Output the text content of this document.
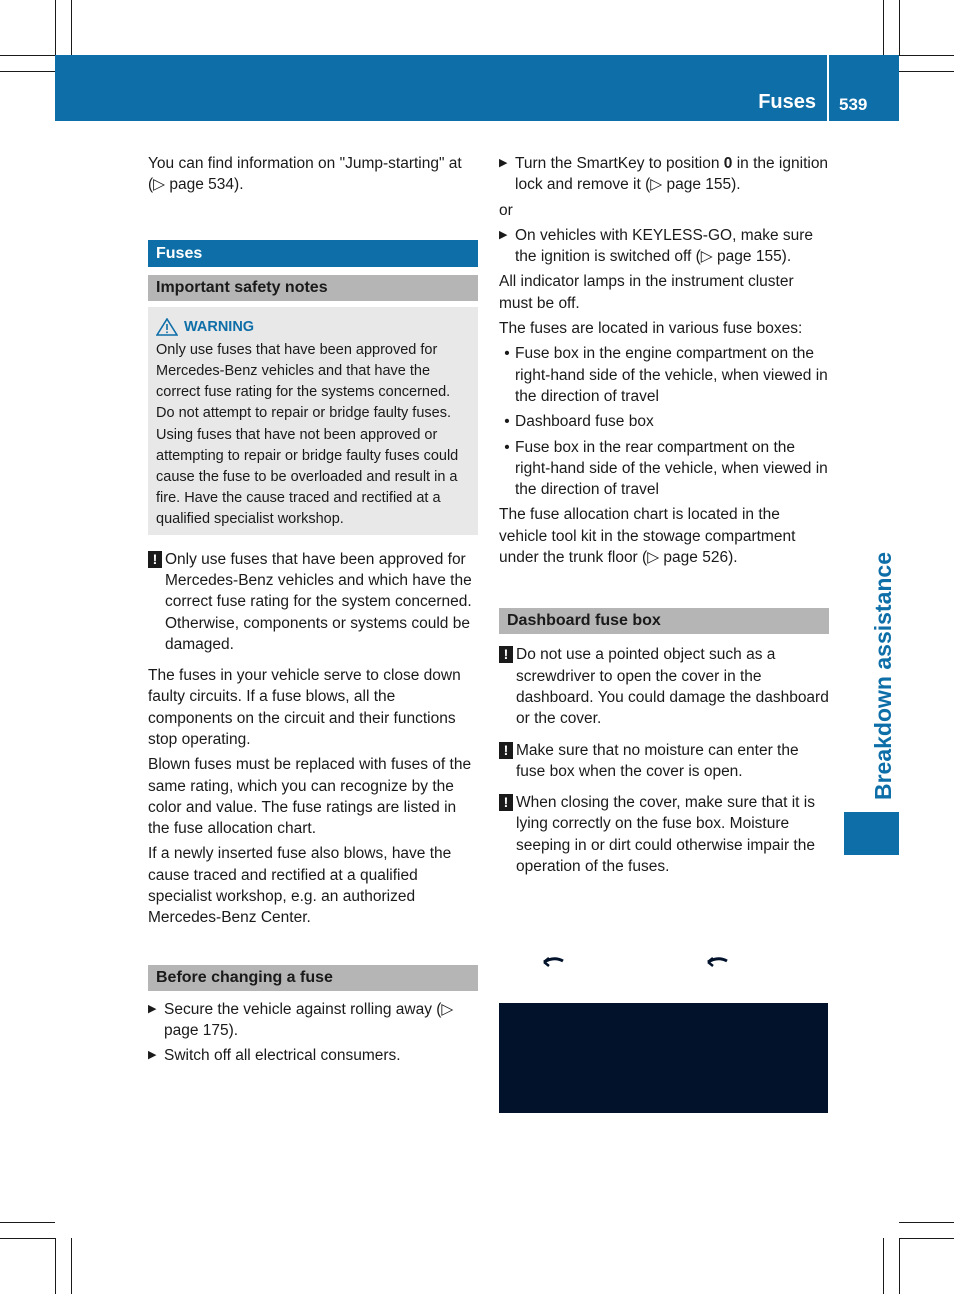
Fuses 539
Breakdown assistance

You can find information on "Jump-starting" at (▷ page 534).

Fuses
Important safety notes
WARNING
Only use fuses that have been approved for Mercedes-Benz vehicles and that have the correct fuse rating for the systems concerned. Do not attempt to repair or bridge faulty fuses. Using fuses that have not been approved or attempting to repair or bridge faulty fuses could cause the fuse to be overloaded and result in a fire. Have the cause traced and rectified at a qualified specialist workshop.
! Only use fuses that have been approved for Mercedes-Benz vehicles and which have the correct fuse rating for the system concerned. Otherwise, components or systems could be damaged.

The fuses in your vehicle serve to close down faulty circuits. If a fuse blows, all the components on the circuit and their functions stop operating.

Blown fuses must be replaced with fuses of the same rating, which you can recognize by the color and value. The fuse ratings are listed in the fuse allocation chart.

If a newly inserted fuse also blows, have the cause traced and rectified at a qualified specialist workshop, e.g. an authorized Mercedes-Benz Center.

Before changing a fuse
▶ Secure the vehicle against rolling away (▷ page 175).
▶ Switch off all electrical consumers.
▶ Turn the SmartKey to position 0 in the ignition lock and remove it (▷ page 155).

or

▶ On vehicles with KEYLESS-GO, make sure the ignition is switched off (▷ page 155).

All indicator lamps in the instrument cluster must be off.

The fuses are located in various fuse boxes:

• Fuse box in the engine compartment on the right-hand side of the vehicle, when viewed in the direction of travel
• Dashboard fuse box
• Fuse box in the rear compartment on the right-hand side of the vehicle, when viewed in the direction of travel

The fuse allocation chart is located in the vehicle tool kit in the stowage compartment under the trunk floor (▷ page 526).

Dashboard fuse box
! Do not use a pointed object such as a screwdriver to open the cover in the dashboard. You could damage the dashboard or the cover.
! Make sure that no moisture can enter the fuse box when the cover is open.
! When closing the cover, make sure that it is lying correctly on the fuse box. Moisture seeping in or dirt could otherwise impair the operation of the fuses.
